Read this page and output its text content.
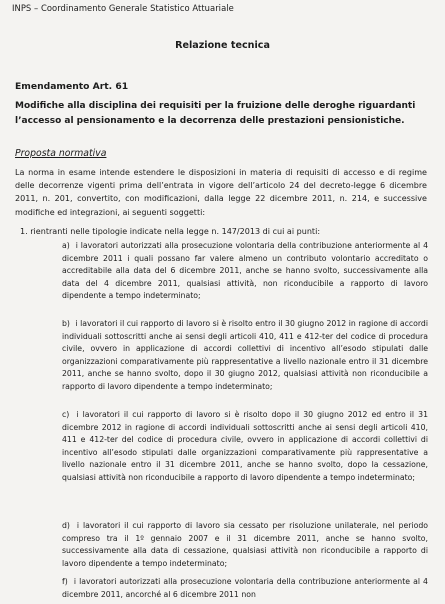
INPS – Coordinamento Generale Statistico Attuariale
Relazione tecnica
Emendamento Art. 61
Modifiche alla disciplina dei requisiti per la fruizione delle deroghe riguardanti l’accesso al pensionamento e la decorrenza delle prestazioni pensionistiche.
Proposta normativa
La norma in esame intende estendere le disposizioni in materia di requisiti di accesso e di regime delle decorrenze vigenti prima dell’entrata in vigore dell’articolo 24 del decreto-legge 6 dicembre 2011, n. 201, convertito, con modificazioni, dalla legge 22 dicembre 2011, n. 214, e successive modifiche ed integrazioni, ai seguenti soggetti:
1. rientranti nelle tipologie indicate nella legge n. 147/2013 di cui ai punti:
a) i lavoratori autorizzati alla prosecuzione volontaria della contribuzione anteriormente al 4 dicembre 2011 i quali possano far valere almeno un contributo volontario accreditato o accreditabile alla data del 6 dicembre 2011, anche se hanno svolto, successivamente alla data del 4 dicembre 2011, qualsiasi attività, non riconducibile a rapporto di lavoro dipendente a tempo indeterminato;
b) i lavoratori il cui rapporto di lavoro si è risolto entro il 30 giugno 2012 in ragione di accordi individuali sottoscritti anche ai sensi degli articoli 410, 411 e 412-ter del codice di procedura civile, ovvero in applicazione di accordi collettivi di incentivo all’esodo stipulati dalle organizzazioni comparativamente più rappresentative a livello nazionale entro il 31 dicembre 2011, anche se hanno svolto, dopo il 30 giugno 2012, qualsiasi attività non riconducibile a rapporto di lavoro dipendente a tempo indeterminato;
c) i lavoratori il cui rapporto di lavoro si è risolto dopo il 30 giugno 2012 ed entro il 31 dicembre 2012 in ragione di accordi individuali sottoscritti anche ai sensi degli articoli 410, 411 e 412-ter del codice di procedura civile, ovvero in applicazione di accordi collettivi di incentivo all’esodo stipulati dalle organizzazioni comparativamente più rappresentative a livello nazionale entro il 31 dicembre 2011, anche se hanno svolto, dopo la cessazione, qualsiasi attività non riconducibile a rapporto di lavoro dipendente a tempo indeterminato;
d) i lavoratori il cui rapporto di lavoro sia cessato per risoluzione unilaterale, nel periodo compreso tra il 1º gennaio 2007 e il 31 dicembre 2011, anche se hanno svolto, successivamente alla data di cessazione, qualsiasi attività non riconducibile a rapporto di lavoro dipendente a tempo indeterminato;
f) i lavoratori autorizzati alla prosecuzione volontaria della contribuzione anteriormente al 4 dicembre 2011, ancorché al 6 dicembre 2011 non
